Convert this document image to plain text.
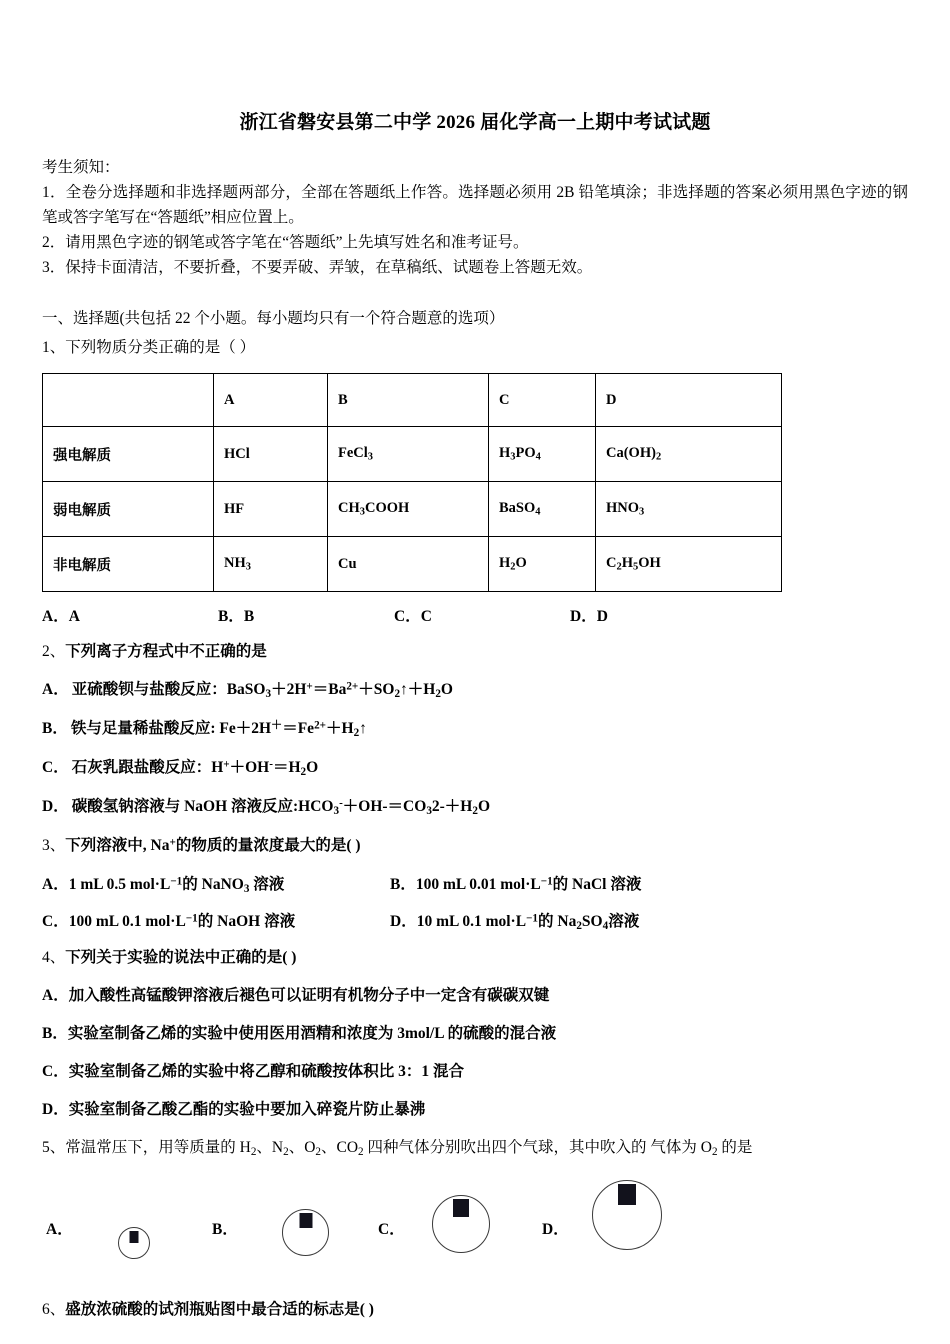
浙江省磐安县第二中学 2026 届化学高一上期中考试试题
考生须知：
1．全卷分选择题和非选择题两部分，全部在答题纸上作答。选择题必须用 2B 铅笔填涂；非选择题的答案必须用黑色字迹的钢笔或答字笔写在“答题纸”相应位置上。
2．请用黑色字迹的钢笔或答字笔在“答题纸”上先填写姓名和准考证号。
3．保持卡面清洁，不要折叠，不要弄破、弄皱，在草稿纸、试题卷上答题无效。
一、选择题(共包括 22 个小题。每小题均只有一个符合题意的选项）
1、下列物质分类正确的是（ ）
	A	B	C	D
强电解质	HCl	FeCl$_3$	$H_3PO_4$	$Ca(OH)_2$
弱电解质	HF	$CH_3COOH$	BaSO$_4$	$HNO_3$
非电解质	$NH_3$	Cu	$H_2O$	$C_2H_5OH$
A．A	B．B	C．C	D．D
2、下列离子方程式中不正确的是
A． 亚硫酸钡与盐酸反应：$BaSO_3+2H^+=Ba^{2+}+SO_2↑+H_2O$
B． 铁与足量稀盐酸反应: $Fe+2H^+=Fe^{2+}+H_2↑$
C． 石灰乳跟盐酸反应：$H^++OH^-=H_2O$
D． 碳酸氢钠溶液与 NaOH 溶液反应$:HCO_3^-+OH-=CO_32-+H_2O$
3、下列溶液中, Na+的物质的量浓度最大的是( )
A．1 mL 0.5 $mol\cdot L^{-1}$的 NaNO$_3$ 溶液	B．100 mL 0.01 $mol\cdot L^{-1}$的 NaCl 溶液
C．100 mL 0.1 $mol\cdot L^{-1}$的 NaOH 溶液	D．10 mL 0.1 $mol\cdot L^{-1}$的 $Na_2SO_4$溶液
4、下列关于实验的说法中正确的是( )
A．加入酸性高锰酸钾溶液后褪色可以证明有机物分子中一定含有碳碳双键
B．实验室制备乙烯的实验中使用医用酒精和浓度为 3mol/L 的硫酸的混合液
C．实验室制备乙烯的实验中将乙醇和硫酸按体积比 3：1 混合
D．实验室制备乙酸乙酯的实验中要加入碎瓷片防止暴沸
5、常温常压下，用等质量的 $H_2$、$N_2$、$O_2$、$CO_2$ 四种气体分别吹出四个气球，其中吹入的 气体为 $O_2$ 的是
A．	B．	C．	D．
6、盛放浓硫酸的试剂瓶贴图中最合适的标志是( )
